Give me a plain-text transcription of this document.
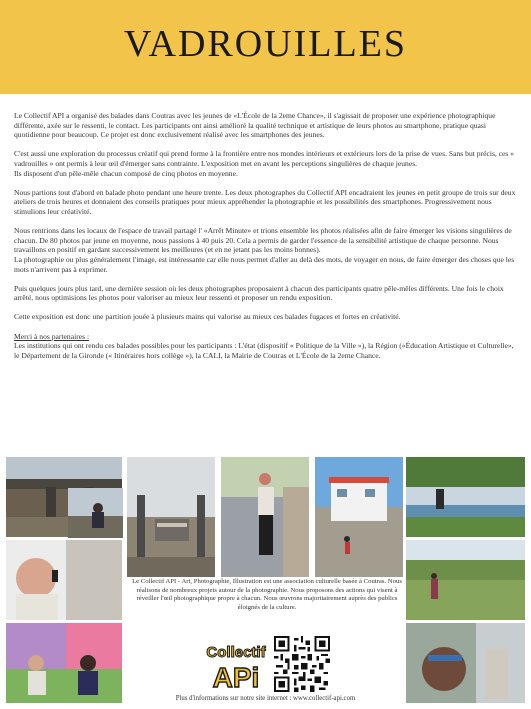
VADROUILLES

Le Collectif API a organisé des balades dans Coutras avec les jeunes de «L'École de la 2eme Chance», il s'agissait de proposer une expérience photographique différente, axée sur le ressenti, le contact. Les participants ont ainsi amélioré la qualité technique et artistique de leurs photos au smartphone, pratique quasi quotidienne pour beaucoup. Ce projet est donc exclusivement réalisé avec les smartphones des jeunes.

C'est aussi une exploration du processus créatif qui prend forme à la frontière entre nos mondes intérieurs et extérieurs lors de la prise de vues. Sans but précis, ces « vadrouilles » ont permis à leur œil d'émerger sans contrainte. L'exposition met en avant les perceptions singulières de chaque jeunes.

Ils disposent d'un pêle-mêle chacun composé de cinq photos en moyenne.

Nous partions tout d'abord en balade photo pendant une heure trente. Les deux photographes du Collectif API encadraient les jeunes en petit groupe de trois sur deux ateliers de trois heures et donnaient des conseils pratiques pour mieux appréhender la photographie et les possibilités des smartphones. Progressivement nous stimulions leur créativité.

Nous rentrions dans les locaux de l'espace de travail partagé l' «Arrêt Minute» et trions ensemble les photos réalisées afin de faire émerger les visions singulières de chacun. De 80 photos par jeune en moyenne, nous passions à 40 puis 20. Cela a permis de garder l'essence de la sensibilité artistique de chaque personne. Nous travaillons en positif en gardant successivement les meilleures (et en ne jetant pas les moins bonnes).

La photographie ou plus généralement l'image, est intéressante car elle nous permet d'aller au delà des mots, de voyager en nous, de faire émerger des choses que les mots n'arrivent pas à exprimer.

Puis quelques jours plus tard, une dernière session où les deux photographes proposaient à chacun des participants quatre pêle-mêles différents. Une fois le choix arrêté, nous optimisions les photos pour valoriser au mieux leur ressenti et proposer un rendu exposition.

Cette exposition est donc une partition jouée à plusieurs mains qui valorise au mieux ces balades fugaces et fortes en créativité.

Merci à nos partenaires :
Les institutions qui ont rendu ces balades possibles pour les participants : L'état (dispositif « Politique de la Ville »), la Région («Éducation Artistique et Culturelle», le Département de la Gironde (« Itinéraires hors collège »), la CALI, la Mairie de Coutras et L'École de la 2eme Chance.
Le Collectif API - Art, Photographie, Illustration est une association culturelle basée à Coutras. Nous réalisons de nombreux projets autour de la photographie. Nous proposons des actions qui visent à réveiller l'œil photographique propre à chacun. Nous œuvrons majoritairement auprès des publics éloignés de la culture.
Collectif
APi
Plus d'informations sur notre site internet : www.collectif-api.com
